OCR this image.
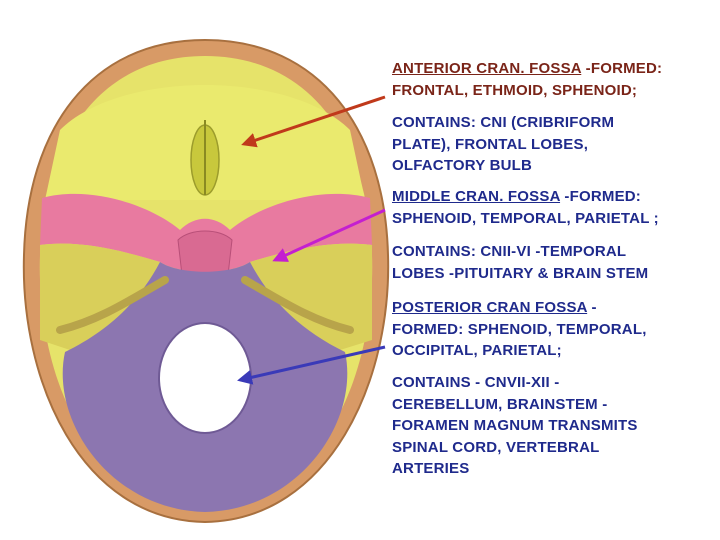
ANTERIOR CRAN. FOSSA -FORMED:
FRONTAL, ETHMOID, SPHENOID;
CONTAINS: CNI (CRIBRIFORM
PLATE), FRONTAL LOBES,
OLFACTORY BULB
MIDDLE CRAN. FOSSA -FORMED:
SPHENOID, TEMPORAL, PARIETAL ;
CONTAINS: CNII-VI -TEMPORAL
LOBES -PITUITARY & BRAIN STEM
POSTERIOR CRAN FOSSA -
FORMED: SPHENOID, TEMPORAL,
OCCIPITAL, PARIETAL;
CONTAINS - CNVII-XII -
CEREBELLUM, BRAINSTEM -
FORAMEN MAGNUM TRANSMITS
SPINAL CORD, VERTEBRAL
ARTERIES
